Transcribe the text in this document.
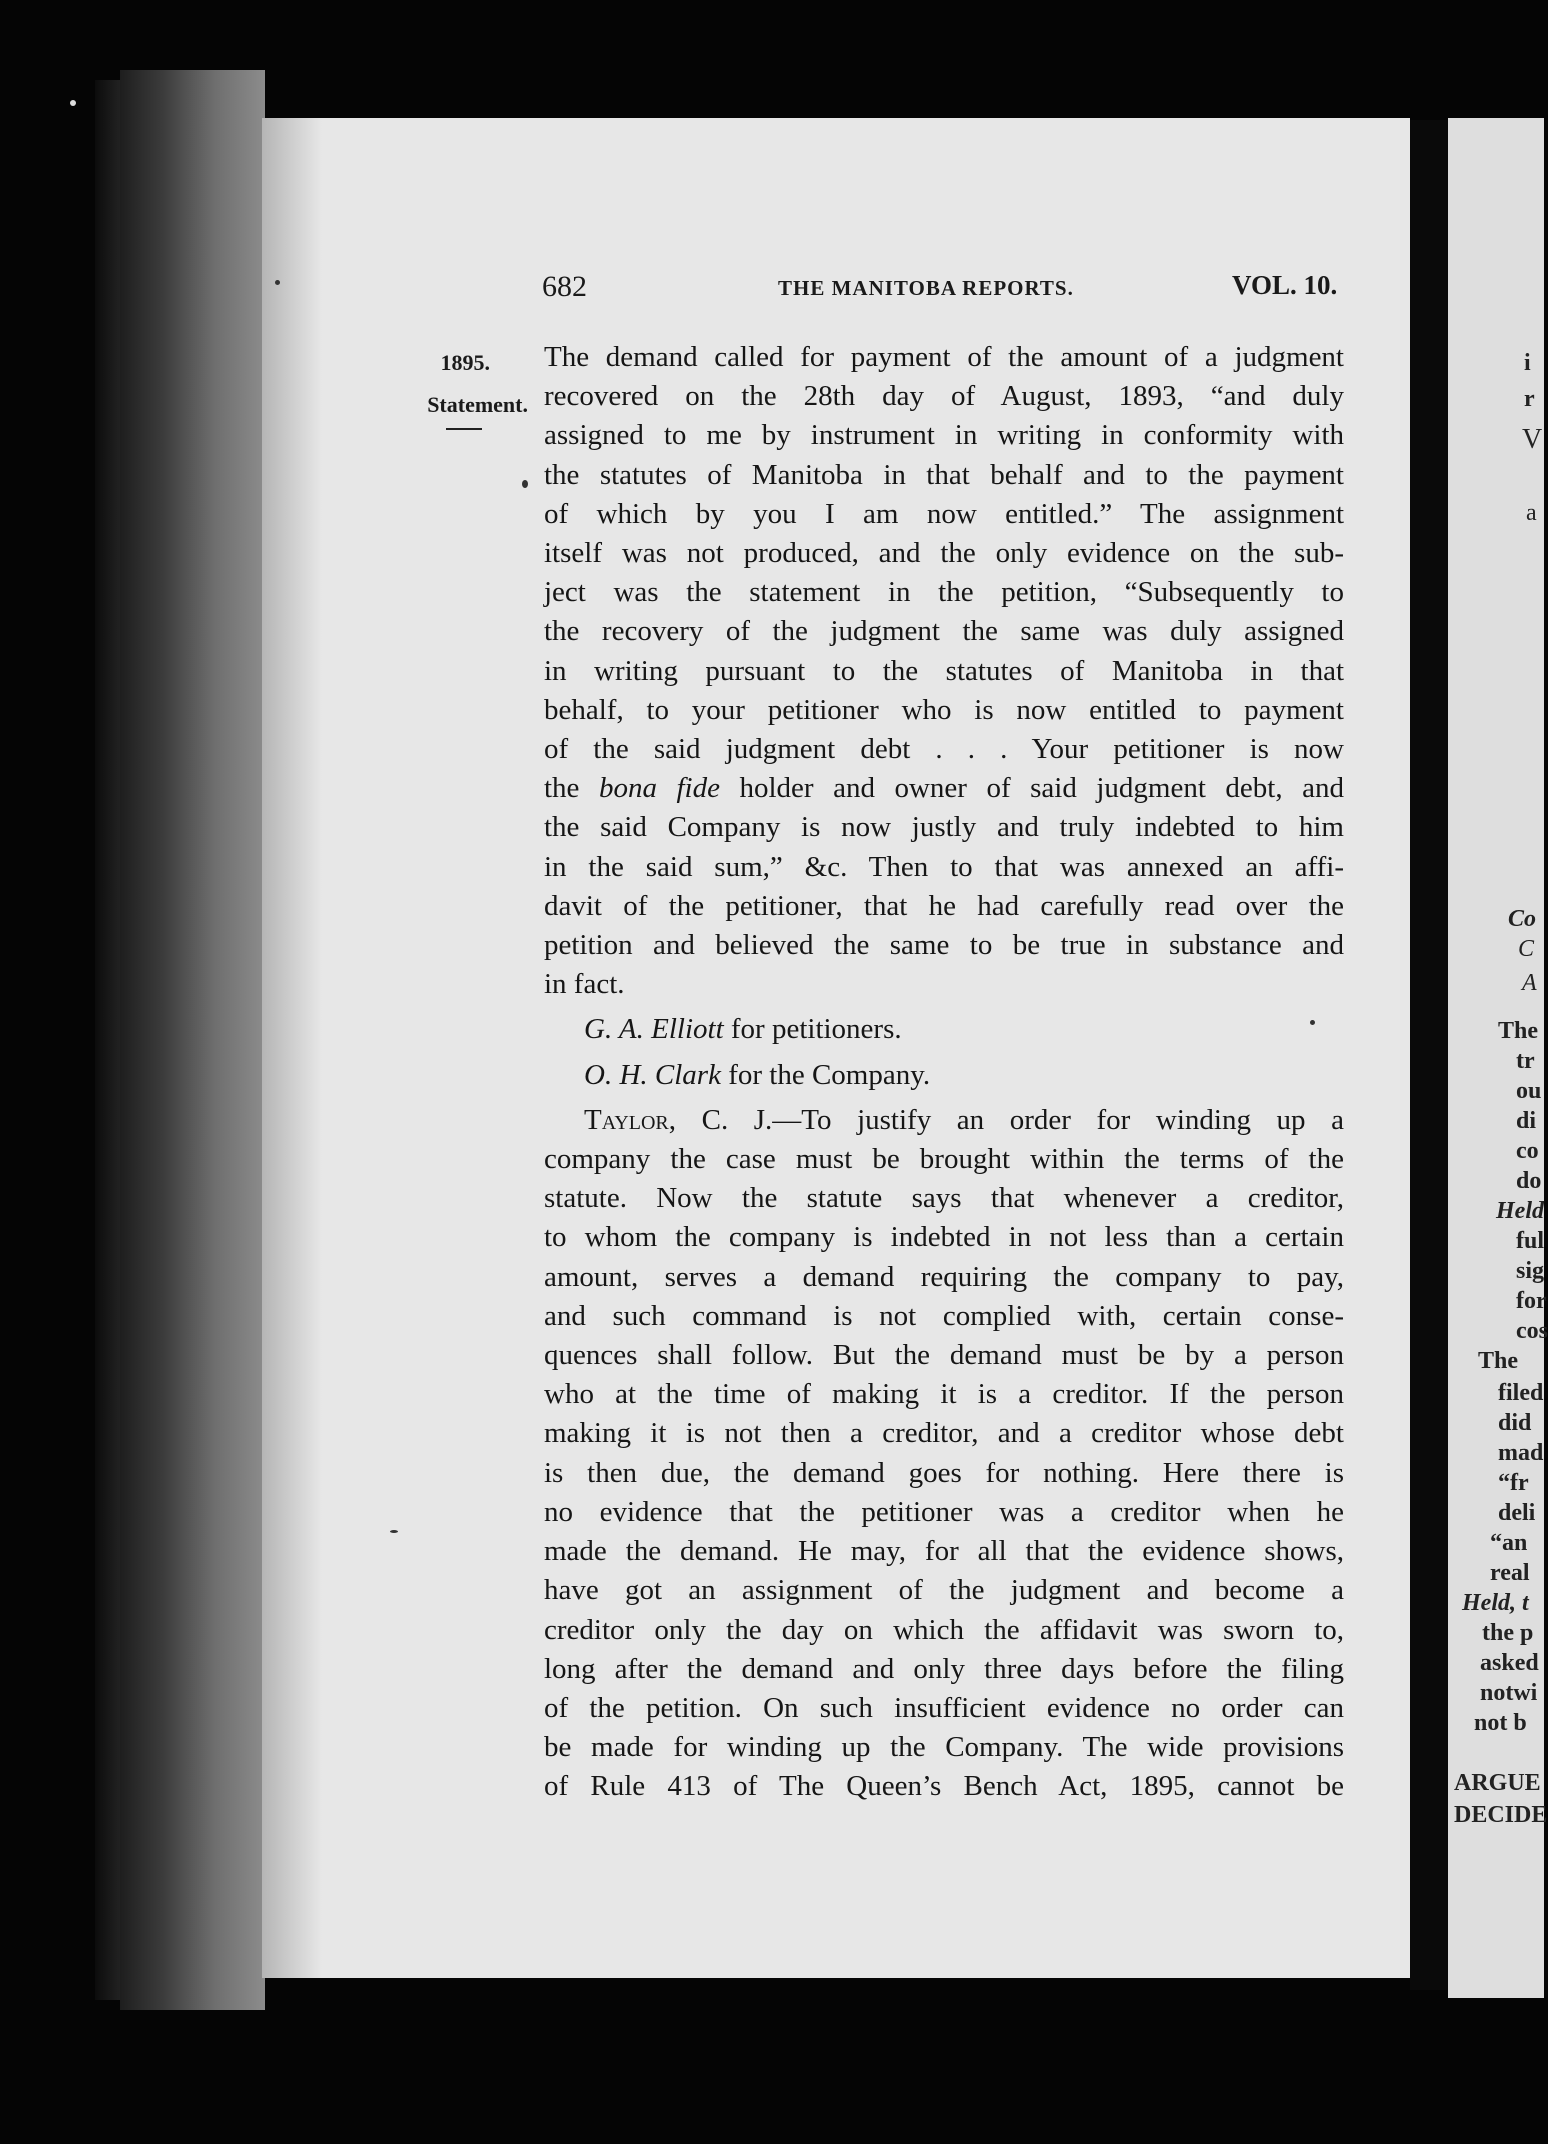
i
r
V
a
Co
C
A
The
tr
ou
di
co
do
Held
ful
sig
for
cos
The
filed
did
mad
“fr
deli
“an
real
Held, t
the p
asked
notwi
not b
ARGUE
DECIDE
682	THE MANITOBA REPORTS.	VOL. 10.
1895.
Statement.
The demand called for payment of the amount of a judgment
recovered on the 28th day of August, 1893, “and duly
assigned to me by instrument in writing in conformity with
the statutes of Manitoba in that behalf and to the payment
of which by you I am now entitled.” The assignment
itself was not produced, and the only evidence on the sub-
ject was the statement in the petition, “Subsequently to
the recovery of the judgment the same was duly assigned
in writing pursuant to the statutes of Manitoba in that
behalf, to your petitioner who is now entitled to payment
of the said judgment debt . . . Your petitioner is now
the bona fide holder and owner of said judgment debt, and
the said Company is now justly and truly indebted to him
in the said sum,” &c. Then to that was annexed an affi-
davit of the petitioner, that he had carefully read over the
petition and believed the same to be true in substance and
in fact.
G. A. Elliott for petitioners.
O. H. Clark for the Company.
Taylor, C. J.—To justify an order for winding up a
company the case must be brought within the terms of the
statute. Now the statute says that whenever a creditor,
to whom the company is indebted in not less than a certain
amount, serves a demand requiring the company to pay,
and such command is not complied with, certain conse-
quences shall follow. But the demand must be by a person
who at the time of making it is a creditor. If the person
making it is not then a creditor, and a creditor whose debt
is then due, the demand goes for nothing. Here there is
no evidence that the petitioner was a creditor when he
made the demand. He may, for all that the evidence shows,
have got an assignment of the judgment and become a
creditor only the day on which the affidavit was sworn to,
long after the demand and only three days before the filing
of the petition. On such insufficient evidence no order can
be made for winding up the Company. The wide provisions
of Rule 413 of The Queen’s Bench Act, 1895, cannot be
